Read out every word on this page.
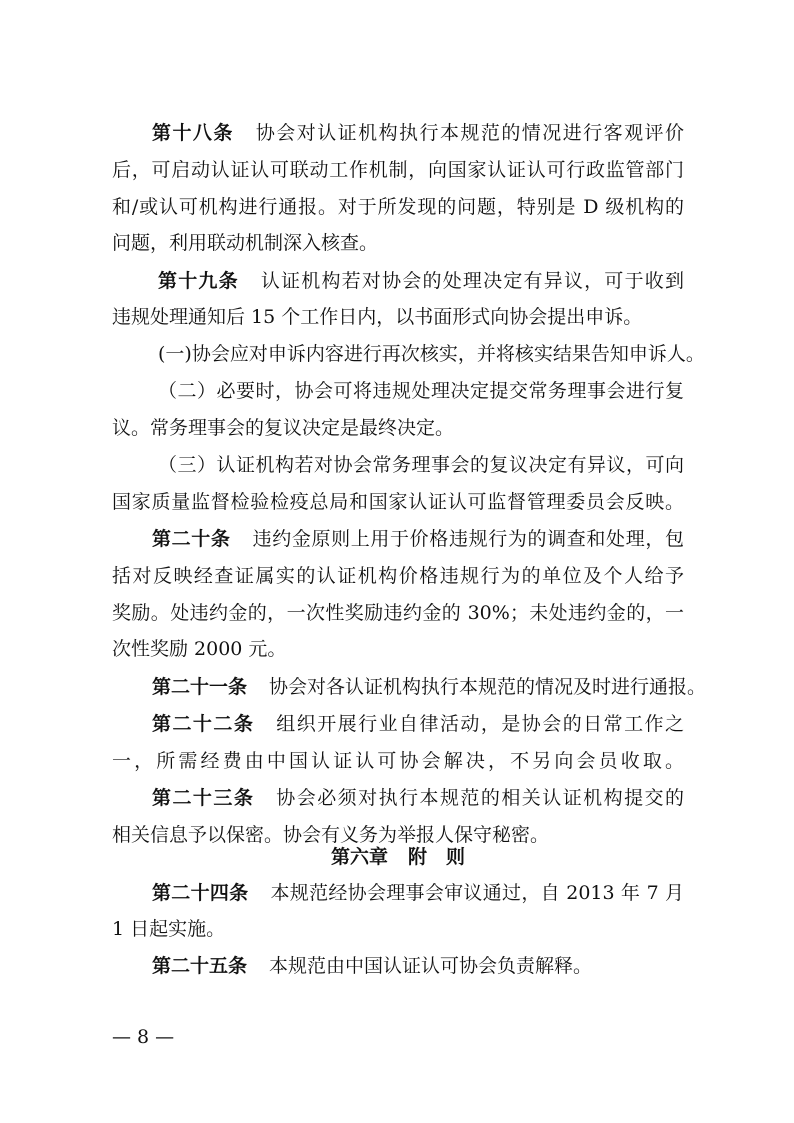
第十八条 协会对认证机构执行本规范的情况进行客观评价
后，可启动认证认可联动工作机制，向国家认证认可行政监管部门
和/或认可机构进行通报。对于所发现的问题，特别是 D 级机构的
问题，利用联动机制深入核查。
第十九条 认证机构若对协会的处理决定有异议，可于收到
违规处理通知后 15 个工作日内，以书面形式向协会提出申诉。
(一)协会应对申诉内容进行再次核实，并将核实结果告知申诉人。
（二）必要时，协会可将违规处理决定提交常务理事会进行复
议。常务理事会的复议决定是最终决定。
（三）认证机构若对协会常务理事会的复议决定有异议，可向
国家质量监督检验检疫总局和国家认证认可监督管理委员会反映。
第二十条 违约金原则上用于价格违规行为的调查和处理，包
括对反映经查证属实的认证机构价格违规行为的单位及个人给予
奖励。处违约金的，一次性奖励违约金的 30%；未处违约金的，一
次性奖励 2000 元。
第二十一条 协会对各认证机构执行本规范的情况及时进行通报。
第二十二条 组织开展行业自律活动，是协会的日常工作之
一，所需经费由中国认证认可协会解决，不另向会员收取。
第二十三条 协会必须对执行本规范的相关认证机构提交的
相关信息予以保密。协会有义务为举报人保守秘密。
第六章 附　则
第二十四条 本规范经协会理事会审议通过，自 2013 年 7 月
1 日起实施。
第二十五条 本规范由中国认证认可协会负责解释。
— 8 —
